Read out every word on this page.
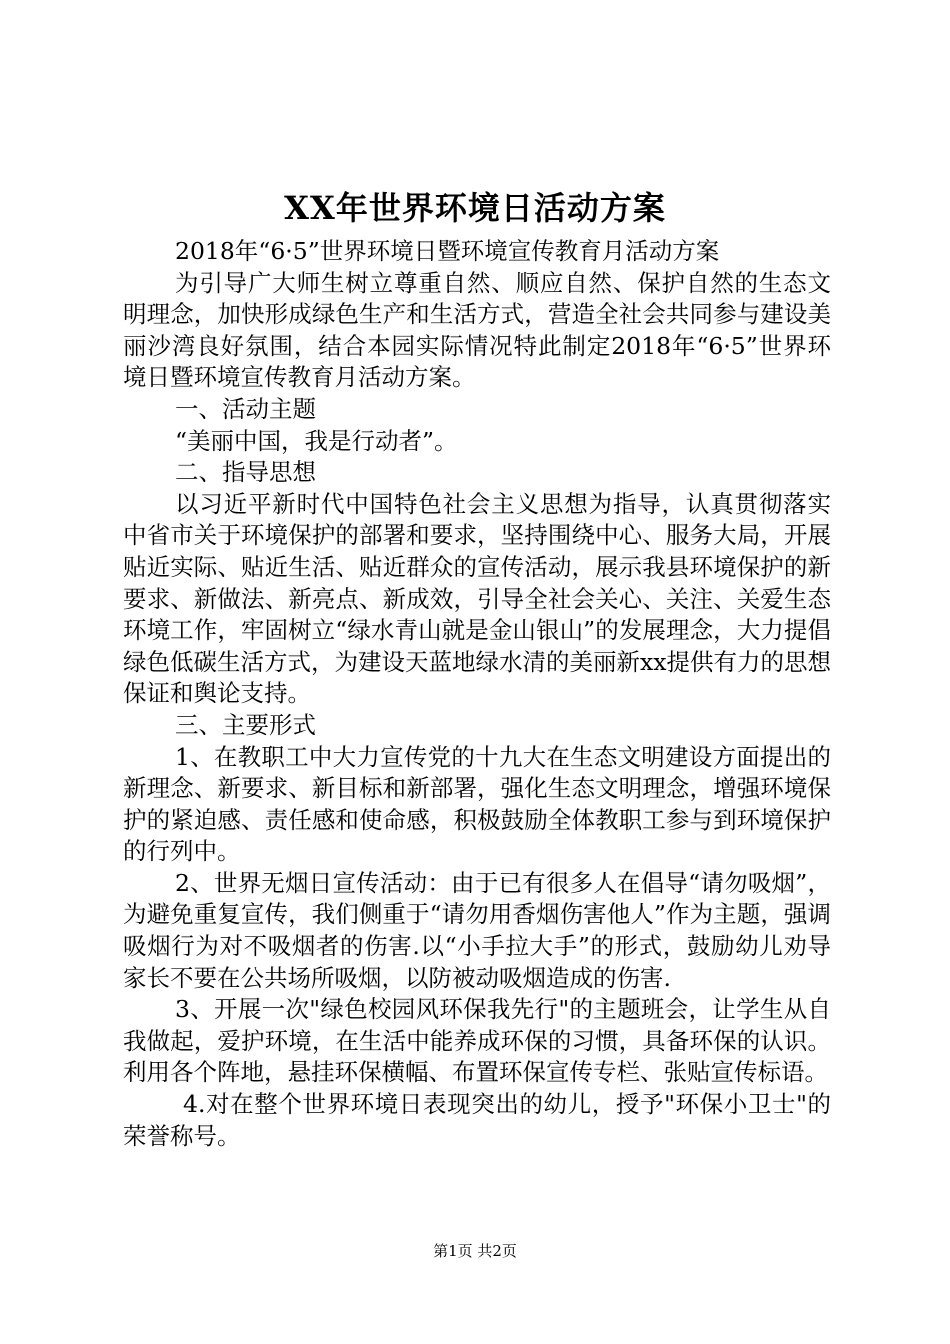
XX年世界环境日活动方案

2018年“6·5”世界环境日暨环境宣传教育月活动方案

为引导广大师生树立尊重自然、顺应自然、保护自然的生态文明理念，加快形成绿色生产和生活方式，营造全社会共同参与建设美丽沙湾良好氛围，结合本园实际情况特此制定2018年“6·5”世界环境日暨环境宣传教育月活动方案。

一、活动主题

“美丽中国，我是行动者”。

二、指导思想

以习近平新时代中国特色社会主义思想为指导，认真贯彻落实中省市关于环境保护的部署和要求，坚持围绕中心、服务大局，开展贴近实际、贴近生活、贴近群众的宣传活动，展示我县环境保护的新要求、新做法、新亮点、新成效，引导全社会关心、关注、关爱生态环境工作，牢固树立“绿水青山就是金山银山”的发展理念，大力提倡绿色低碳生活方式，为建设天蓝地绿水清的美丽新xx提供有力的思想保证和舆论支持。

三、主要形式

1、在教职工中大力宣传党的十九大在生态文明建设方面提出的新理念、新要求、新目标和新部署，强化生态文明理念，增强环境保护的紧迫感、责任感和使命感，积极鼓励全体教职工参与到环境保护的行列中。

2、世界无烟日宣传活动：由于已有很多人在倡导“请勿吸烟”，为避免重复宣传，我们侧重于“请勿用香烟伤害他人”作为主题，强调吸烟行为对不吸烟者的伤害.以“小手拉大手”的形式，鼓励幼儿劝导家长不要在公共场所吸烟，以防被动吸烟造成的伤害.

3、开展一次"绿色校园风环保我先行"的主题班会，让学生从自我做起，爱护环境，在生活中能养成环保的习惯，具备环保的认识。利用各个阵地，悬挂环保横幅、布置环保宣传专栏、张贴宣传标语。

4.对在整个世界环境日表现突出的幼儿，授予"环保小卫士"的荣誉称号。

第1页 共2页
